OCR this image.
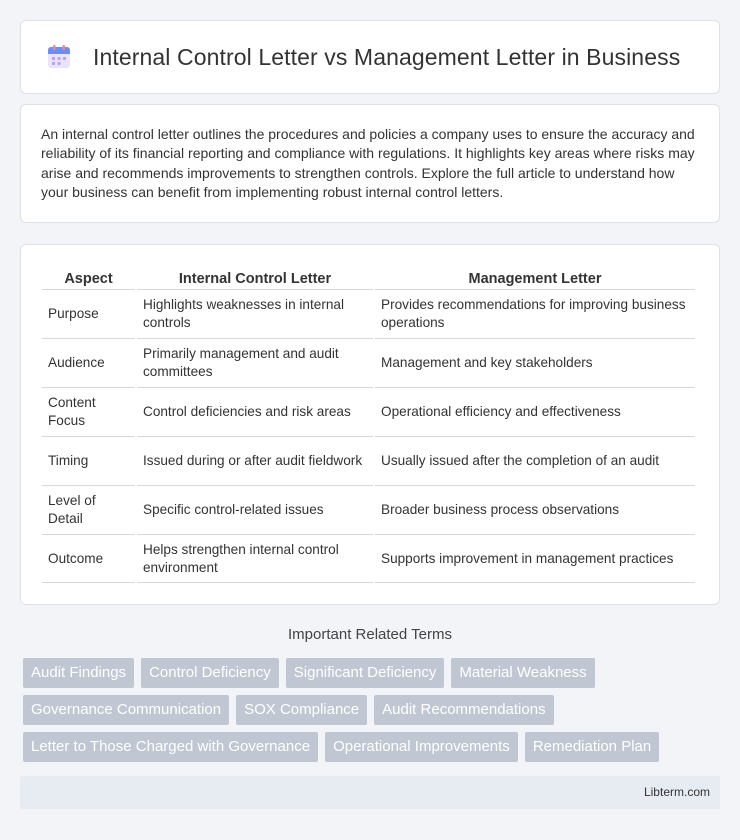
Internal Control Letter vs Management Letter in Business

An internal control letter outlines the procedures and policies a company uses to ensure the accuracy and reliability of its financial reporting and compliance with regulations. It highlights key areas where risks may arise and recommends improvements to strengthen controls. Explore the full article to understand how your business can benefit from implementing robust internal control letters.

Aspect	Internal Control Letter	Management Letter
Purpose	Highlights weaknesses in internal controls	Provides recommendations for improving business operations
Audience	Primarily management and audit committees	Management and key stakeholders
Content Focus	Control deficiencies and risk areas	Operational efficiency and effectiveness
Timing	Issued during or after audit fieldwork	Usually issued after the completion of an audit
Level of Detail	Specific control-related issues	Broader business process observations
Outcome	Helps strengthen internal control environment	Supports improvement in management practices
Important Related Terms
Audit Findings	Control Deficiency	Significant Deficiency	Material Weakness
Governance Communication	SOX Compliance	Audit Recommendations
Letter to Those Charged with Governance	Operational Improvements	Remediation Plan
Libterm.com
